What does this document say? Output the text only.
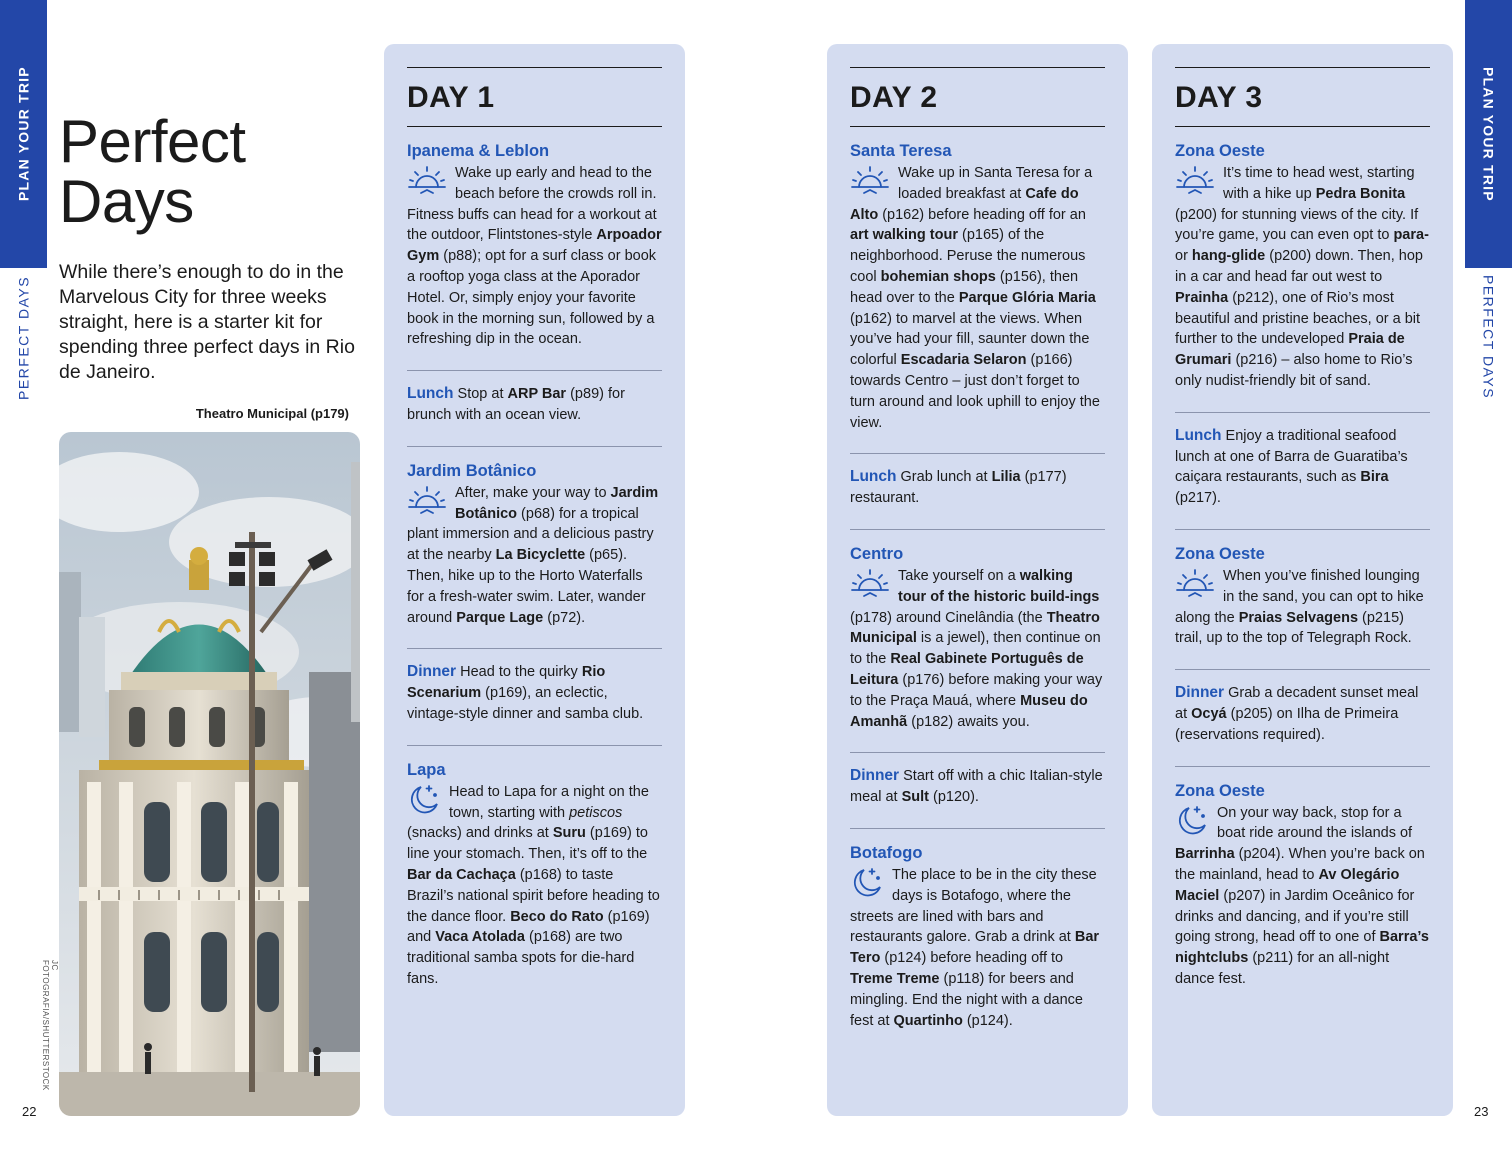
PLAN YOUR TRIP
PERFECT DAYS
PLAN YOUR TRIP
PERFECT DAYS
22	23
Perfect
Days

While there’s enough to do in the Marvelous City for three weeks straight, here is a starter kit for spending three perfect days in Rio de Janeiro.

Theatro Municipal (p179)
JC FOTOGRAFIA/SHUTTERSTOCK
DAY 1
Ipanema & Leblon
Wake up early and head to the beach before the crowds roll in. Fitness buffs can head for a workout at the outdoor, Flintstones-style Arpoador Gym (p88); opt for a surf class or book a rooftop yoga class at the Aporador Hotel. Or, simply enjoy your favorite book in the morning sun, followed by a refreshing dip in the ocean.
Lunch Stop at ARP Bar (p89) for brunch with an ocean view.
Jardim Botânico
After, make your way to Jardim Botânico (p68) for a tropical plant immersion and a delicious pastry at the nearby La Bicyclette (p65). Then, hike up to the Horto Waterfalls for a fresh-water swim. Later, wander around Parque Lage (p72).
Dinner Head to the quirky Rio Scenarium (p169), an eclectic, vintage-style dinner and samba club.
Lapa
Head to Lapa for a night on the town, starting with petiscos (snacks) and drinks at Suru (p169) to line your stomach. Then, it’s off to the Bar da Cachaça (p168) to taste Brazil’s national spirit before heading to the dance floor. Beco do Rato (p169) and Vaca Atolada (p168) are two traditional samba spots for die-hard fans.
DAY 2
Santa Teresa
Wake up in Santa Teresa for a loaded breakfast at Cafe do Alto (p162) before heading off for an art walking tour (p165) of the neighborhood. Peruse the numerous cool bohemian shops (p156), then head over to the Parque Glória Maria (p162) to marvel at the views. When you’ve had your fill, saunter down the colorful Escadaria Selaron (p166) towards Centro – just don’t forget to turn around and look uphill to enjoy the view.
Lunch Grab lunch at Lilia (p177) restaurant.
Centro
Take yourself on a walking tour of the historic build-ings (p178) around Cinelândia (the Theatro Municipal is a jewel), then continue on to the Real Gabinete Português de Leitura (p176) before making your way to the Praça Mauá, where Museu do Amanhã (p182) awaits you.
Dinner Start off with a chic Italian-style meal at Sult (p120).
Botafogo
The place to be in the city these days is Botafogo, where the streets are lined with bars and restaurants galore. Grab a drink at Bar Tero (p124) before heading off to Treme Treme (p118) for beers and mingling. End the night with a dance fest at Quartinho (p124).
DAY 3
Zona Oeste
It’s time to head west, starting with a hike up Pedra Bonita (p200) for stunning views of the city. If you’re game, you can even opt to para- or hang-glide (p200) down. Then, hop in a car and head far out west to Prainha (p212), one of Rio’s most beautiful and pristine beaches, or a bit further to the undeveloped Praia de Grumari (p216) – also home to Rio’s only nudist-friendly bit of sand.
Lunch Enjoy a traditional seafood lunch at one of Barra de Guaratiba’s caiçara restaurants, such as Bira (p217).
Zona Oeste
When you’ve finished lounging in the sand, you can opt to hike along the Praias Selvagens (p215) trail, up to the top of Telegraph Rock.
Dinner Grab a decadent sunset meal at Ocyá (p205) on Ilha de Primeira (reservations required).
Zona Oeste
On your way back, stop for a boat ride around the islands of Barrinha (p204). When you’re back on the mainland, head to Av Olegário Maciel (p207) in Jardim Oceânico for drinks and dancing, and if you’re still going strong, head off to one of Barra’s nightclubs (p211) for an all-night dance fest.
